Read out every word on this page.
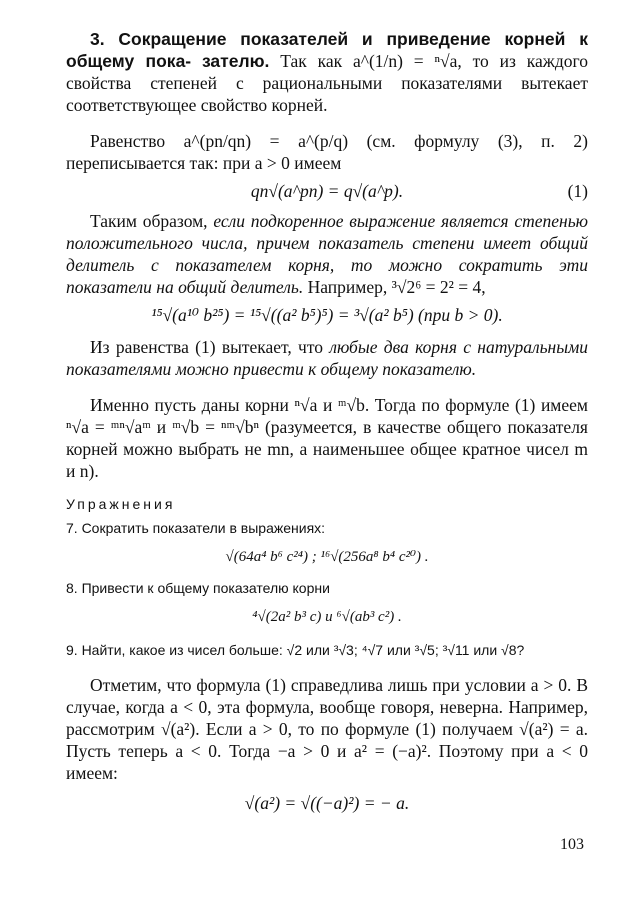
3. Сокращение показателей и приведение корней к общему пока- зателю. Так как a^(1/n) = ⁿ√a, то из каждого свойства степеней с рациональными показателями вытекает соответствующее свойство корней.

Равенство a^(pn/qn) = a^(p/q) (см. формулу (3), п. 2) переписывается так: при a > 0 имеем

qn√(a^pn) = q√(a^p).	(1)

Таким образом, если подкоренное выражение является степенью положительного числа, причем показатель степени имеет общий делитель с показателем корня, то можно сократить эти показатели на общий делитель. Например, ³√2⁶ = 2² = 4,

¹⁵√(a¹⁰ b²⁵) = ¹⁵√((a² b⁵)⁵) = ³√(a² b⁵) (при b > 0).

Из равенства (1) вытекает, что любые два корня с натуральными показателями можно привести к общему показателю.

Именно пусть даны корни ⁿ√a и ᵐ√b. Тогда по формуле (1) имеем ⁿ√a = ᵐⁿ√aᵐ и ᵐ√b = ⁿᵐ√bⁿ (разумеется, в качестве общего показателя корней можно выбрать не mn, а наименьшее общее кратное чисел m и n).

Упражнения

7. Сократить показатели в выражениях:

√(64a⁴ b⁶ c²⁴) ; ¹⁶√(256a⁸ b⁴ c²⁰) .

8. Привести к общему показателю корни

⁴√(2a² b³ c) и ⁶√(ab³ c²) .

9. Найти, какое из чисел больше: √2 или ³√3; ⁴√7 или ³√5; ³√11 или √8?

Отметим, что формула (1) справедлива лишь при условии a > 0. В случае, когда a < 0, эта формула, вообще говоря, неверна. Например, рассмотрим √(a²). Если a > 0, то по формуле (1) получаем √(a²) = a. Пусть теперь a < 0. Тогда −a > 0 и a² = (−a)². Поэтому при a < 0 имеем:

√(a²) = √((−a)²) = − a.
103
